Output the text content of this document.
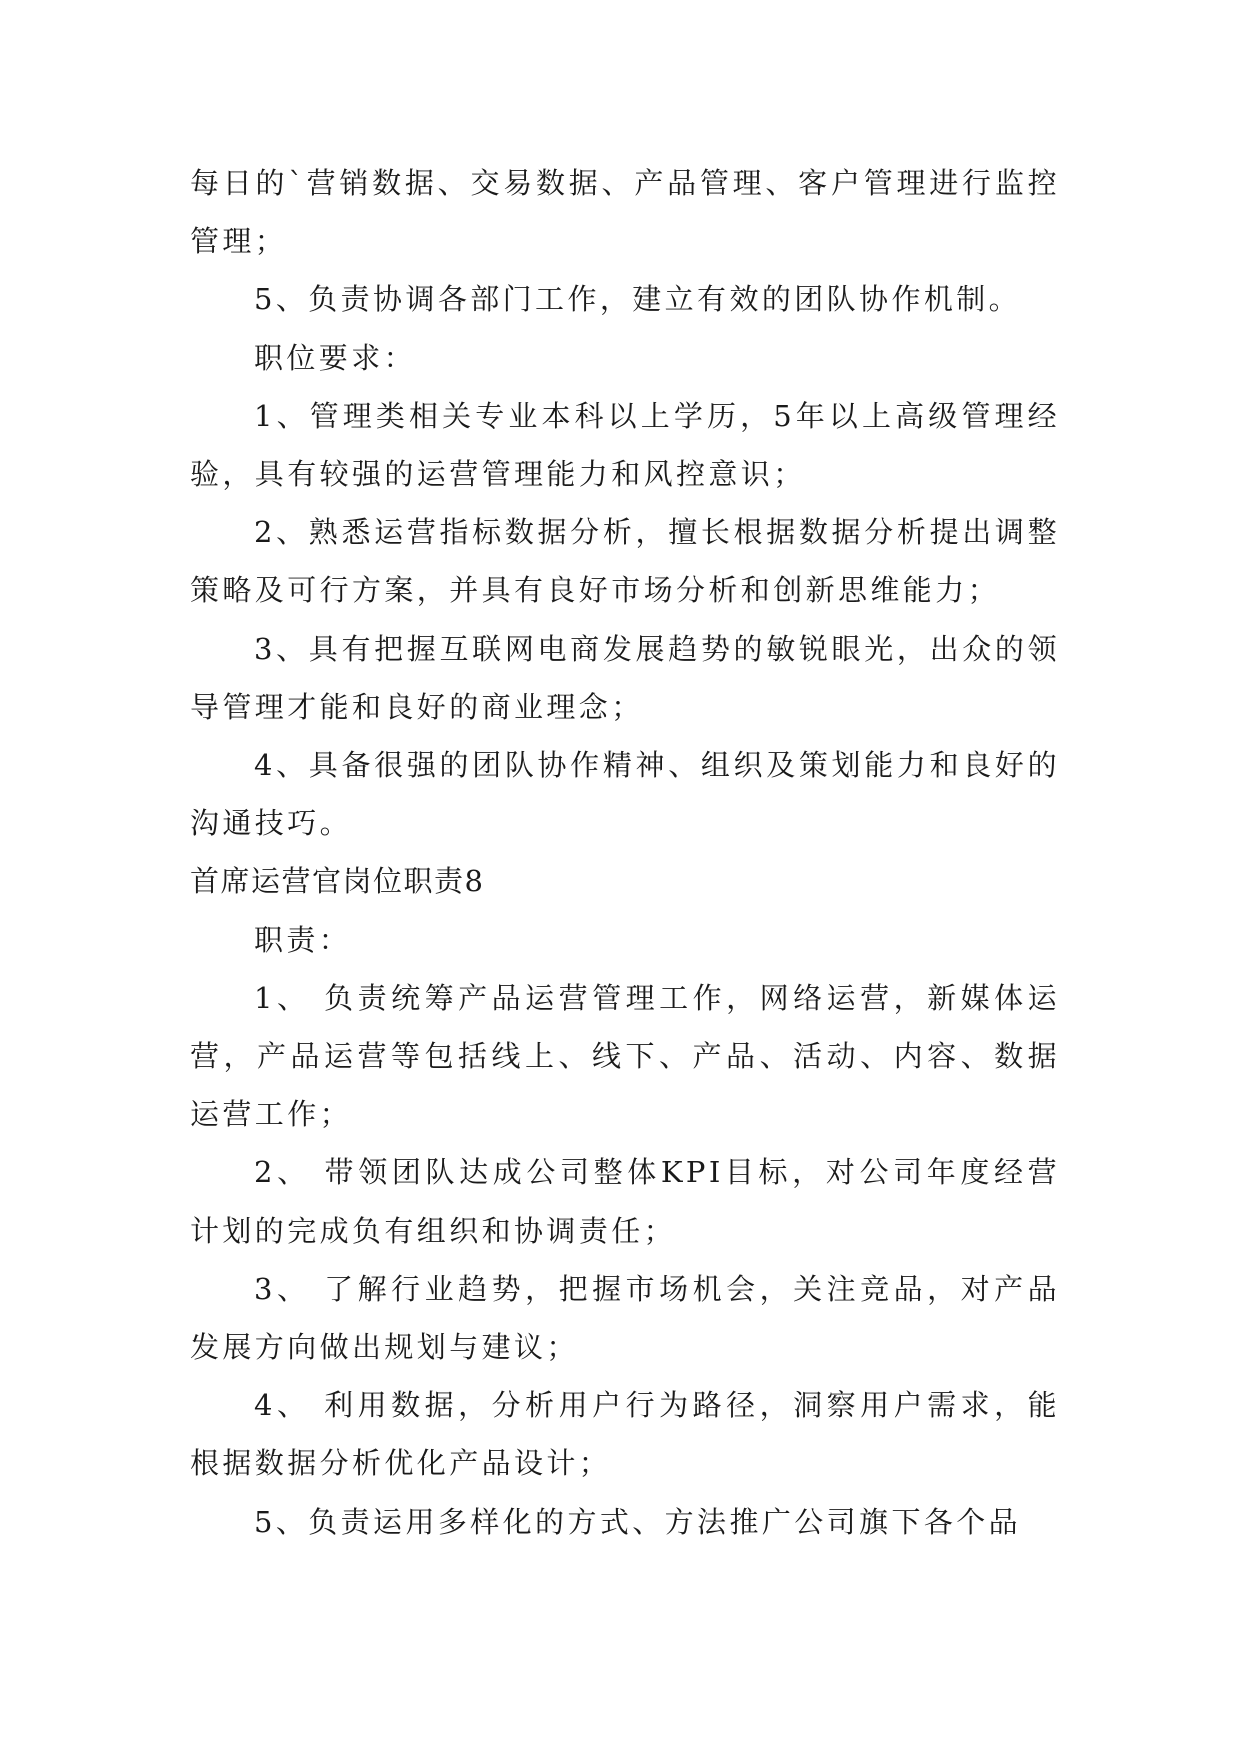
每日的`营销数据、交易数据、产品管理、客户管理进行监控管理；

5、负责协调各部门工作，建立有效的团队协作机制。

职位要求：

1、管理类相关专业本科以上学历，5年以上高级管理经验，具有较强的运营管理能力和风控意识；

2、熟悉运营指标数据分析，擅长根据数据分析提出调整策略及可行方案，并具有良好市场分析和创新思维能力；

3、具有把握互联网电商发展趋势的敏锐眼光，出众的领导管理才能和良好的商业理念；

4、具备很强的团队协作精神、组织及策划能力和良好的沟通技巧。

首席运营官岗位职责8

职责：

1、 负责统筹产品运营管理工作，网络运营，新媒体运营，产品运营等包括线上、线下、产品、活动、内容、数据运营工作；

2、 带领团队达成公司整体KPI目标，对公司年度经营计划的完成负有组织和协调责任；

3、 了解行业趋势，把握市场机会，关注竞品，对产品发展方向做出规划与建议；

4、 利用数据，分析用户行为路径，洞察用户需求，能根据数据分析优化产品设计；

5、负责运用多样化的方式、方法推广公司旗下各个品
